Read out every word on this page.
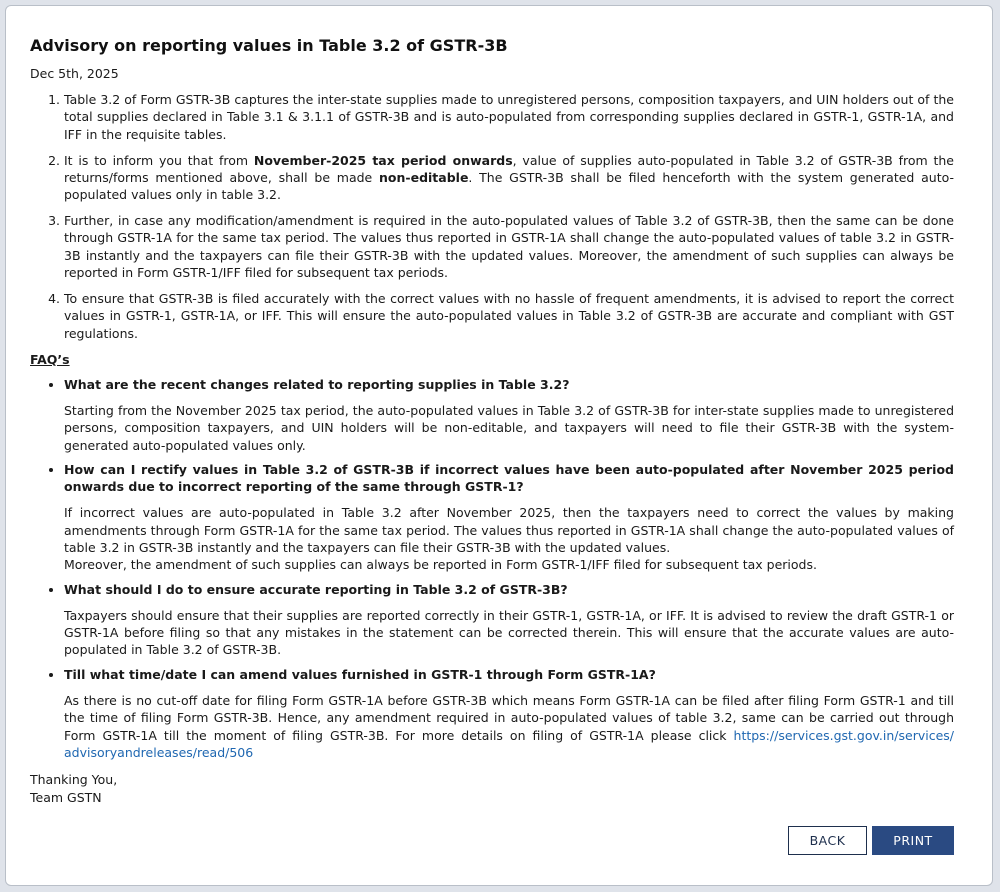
Advisory on reporting values in Table 3.2 of GSTR-3B
Dec 5th, 2025
1. Table 3.2 of Form GSTR-3B captures the inter-state supplies made to unregistered persons, composition taxpayers, and UIN holders out of the total supplies declared in Table 3.1 & 3.1.1 of GSTR-3B and is auto-populated from corresponding supplies declared in GSTR-1, GSTR-1A, and IFF in the requisite tables.
2. It is to inform you that from November-2025 tax period onwards, value of supplies auto-populated in Table 3.2 of GSTR-3B from the returns/forms mentioned above, shall be made non-editable. The GSTR-3B shall be filed henceforth with the system generated auto-populated values only in table 3.2.
3. Further, in case any modification/amendment is required in the auto-populated values of Table 3.2 of GSTR-3B, then the same can be done through GSTR-1A for the same tax period. The values thus reported in GSTR-1A shall change the auto-populated values of table 3.2 in GSTR-3B instantly and the taxpayers can file their GSTR-3B with the updated values. Moreover, the amendment of such supplies can always be reported in Form GSTR-1/IFF filed for subsequent tax periods.
4. To ensure that GSTR-3B is filed accurately with the correct values with no hassle of frequent amendments, it is advised to report the correct values in GSTR-1, GSTR-1A, or IFF. This will ensure the auto-populated values in Table 3.2 of GSTR-3B are accurate and compliant with GST regulations.
FAQ’s
• What are the recent changes related to reporting supplies in Table 3.2?
Starting from the November 2025 tax period, the auto-populated values in Table 3.2 of GSTR-3B for inter-state supplies made to unregistered persons, composition taxpayers, and UIN holders will be non-editable, and taxpayers will need to file their GSTR-3B with the system-generated auto-populated values only.
• How can I rectify values in Table 3.2 of GSTR-3B if incorrect values have been auto-populated after November 2025 period onwards due to incorrect reporting of the same through GSTR-1?

If incorrect values are auto-populated in Table 3.2 after November 2025, then the taxpayers need to correct the values by making amendments through Form GSTR-1A for the same tax period. The values thus reported in GSTR-1A shall change the auto-populated values of table 3.2 in GSTR-3B instantly and the taxpayers can file their GSTR-3B with the updated values.

Moreover, the amendment of such supplies can always be reported in Form GSTR-1/IFF filed for subsequent tax periods.

• What should I do to ensure accurate reporting in Table 3.2 of GSTR-3B?
Taxpayers should ensure that their supplies are reported correctly in their GSTR-1, GSTR-1A, or IFF. It is advised to review the draft GSTR-1 or GSTR-1A before filing so that any mistakes in the statement can be corrected therein. This will ensure that the accurate values are auto-populated in Table 3.2 of GSTR-3B.
• Till what time/date I can amend values furnished in GSTR-1 through Form GSTR-1A?
As there is no cut-off date for filing Form GSTR-1A before GSTR-3B which means Form GSTR-1A can be filed after filing Form GSTR-1 and till the time of filing Form GSTR-3B. Hence, any amendment required in auto-populated values of table 3.2, same can be carried out through Form GSTR-1A till the moment of filing GSTR-3B. For more details on filing of GSTR-1A please click https://services.gst.gov.in/services/ advisoryandreleases/read/506
Thanking You,
Team GSTN
BACK	PRINT
